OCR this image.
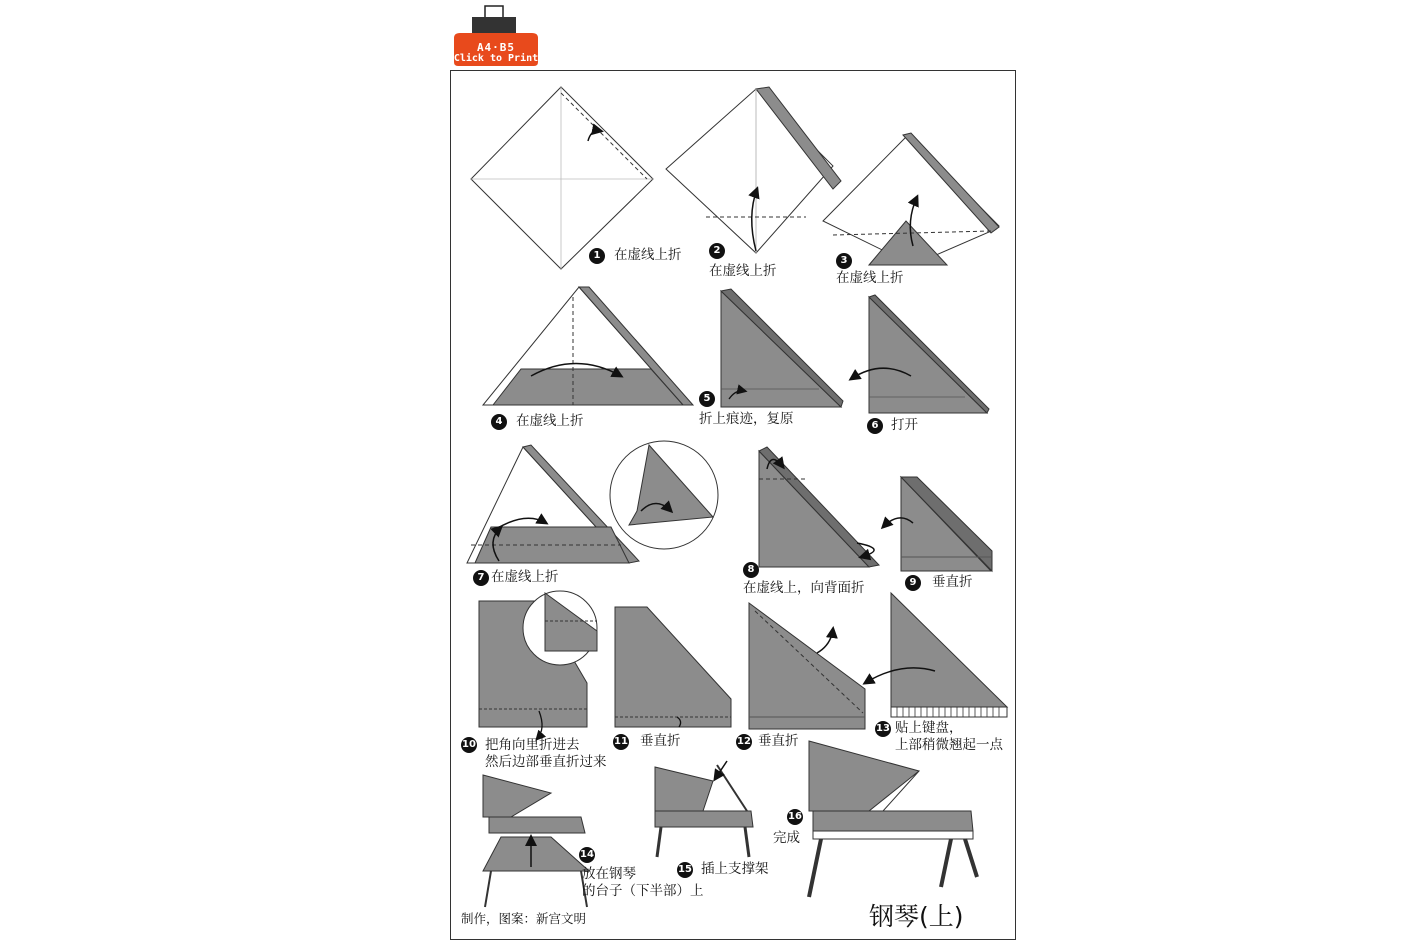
A4·B5
Click to Print
1	在虚线上折	2
在虚线上折
3
在虚线上折
4	在虚线上折
5
折上痕迹，复原	6 打开
7 在虚线上折	8
在虚线上，向背面折	9	垂直折
10 把角向里折进去
然后边部垂直折过来
11 垂直折	12 垂直折
13 贴上键盘，
上部稍微翘起一点
14
放在钢琴
的台子（下半部）上
15 插上支撑架
16
完成
制作，图案：新宫文明	钢琴(上)
